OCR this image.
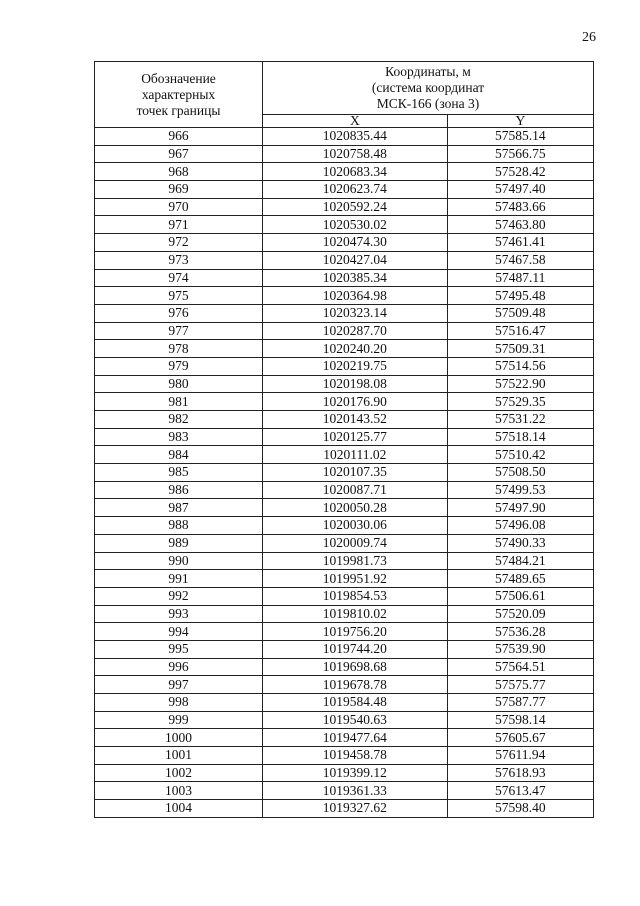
26
Обозначение
характерных
точек границы	Координаты, м
(система координат
МСК-166 (зона 3)	

	X	Y
966	1020835.44	57585.14
967	1020758.48	57566.75
968	1020683.34	57528.42
969	1020623.74	57497.40
970	1020592.24	57483.66
971	1020530.02	57463.80
972	1020474.30	57461.41
973	1020427.04	57467.58
974	1020385.34	57487.11
975	1020364.98	57495.48
976	1020323.14	57509.48
977	1020287.70	57516.47
978	1020240.20	57509.31
979	1020219.75	57514.56
980	1020198.08	57522.90
981	1020176.90	57529.35
982	1020143.52	57531.22
983	1020125.77	57518.14
984	1020111.02	57510.42
985	1020107.35	57508.50
986	1020087.71	57499.53
987	1020050.28	57497.90
988	1020030.06	57496.08
989	1020009.74	57490.33
990	1019981.73	57484.21
991	1019951.92	57489.65
992	1019854.53	57506.61
993	1019810.02	57520.09
994	1019756.20	57536.28
995	1019744.20	57539.90
996	1019698.68	57564.51
997	1019678.78	57575.77
998	1019584.48	57587.77
999	1019540.63	57598.14
1000	1019477.64	57605.67
1001	1019458.78	57611.94
1002	1019399.12	57618.93
1003	1019361.33	57613.47
1004	1019327.62	57598.40
